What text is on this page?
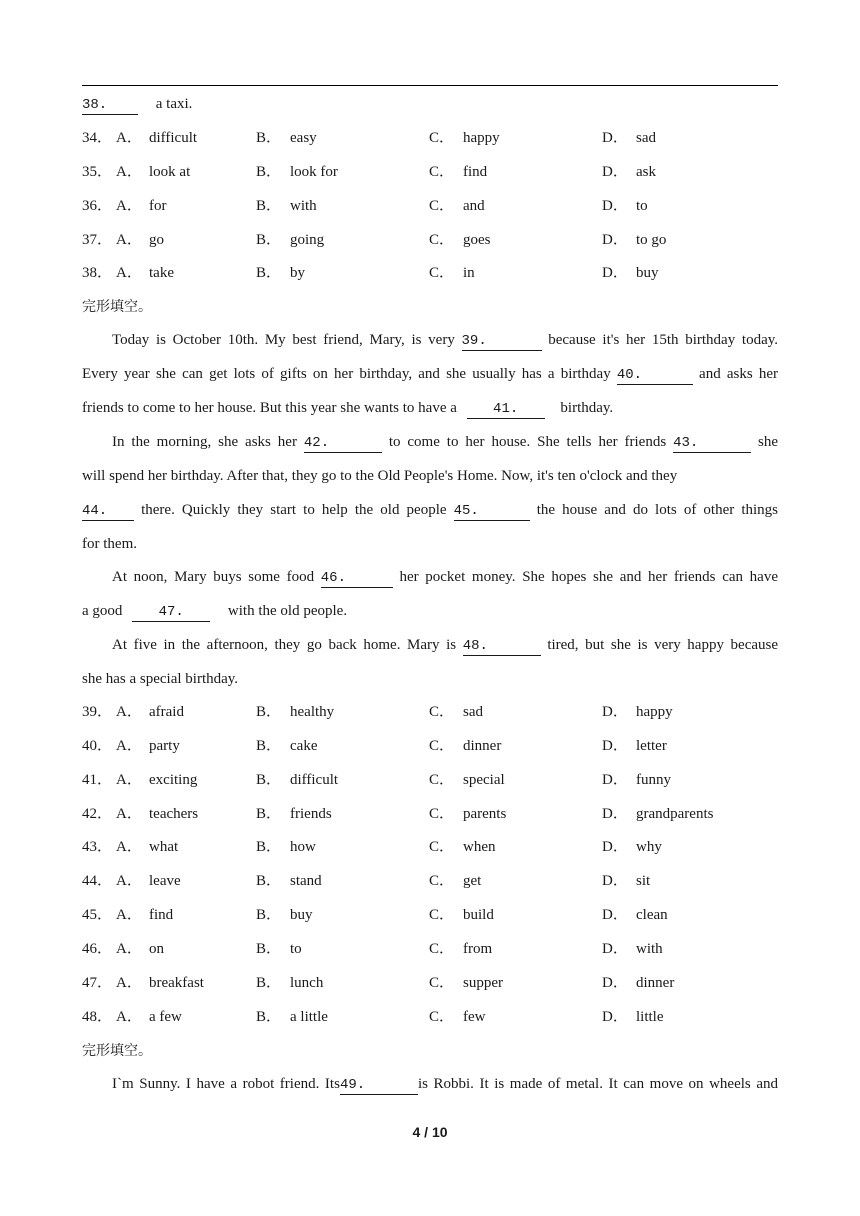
38.	a taxi.
34． A． difficult	B． easy	C． happy	D． sad
35． A． look at	B． look for	C． find	D． ask
36． A． for	B． with	C． and	D． to
37． A． go	B． going	C． goes	D． to go
38． A． take	B． by	C． in	D． buy
完形填空。
Today is October 10th. My best friend, Mary, is very 39.	because it's her 15th birthday today.
Every year she can get lots of gifts on her birthday, and she usually has a birthday 40.	and asks her
friends to come to her house. But this year she wants to have a	41.	birthday.
In the morning, she asks her 42.	to come to her house. She tells her friends 43.	she
will spend her birthday. After that, they go to the Old People's Home. Now, it's ten o'clock and they
44. there. Quickly they start to help the old people 45.	the house and do lots of other things
for them.
At noon, Mary buys some food 46.	her pocket money. She hopes she and her friends can have
a good	47.	with the old people.
At five in the afternoon, they go back home. Mary is 48.	tired, but she is very happy because
she has a special birthday.
39． A． afraid	B． healthy	C． sad	D． happy
40． A． party	B． cake	C． dinner	D． letter
41． A． exciting	B． difficult	C． special	D． funny
42． A． teachers	B． friends	C． parents	D． grandparents
43． A． what	B． how	C． when	D． why
44． A． leave	B． stand	C． get	D． sit
45． A． find	B． buy	C． build	D． clean
46． A． on	B． to	C． from	D． with
47． A． breakfast	B． lunch	C． supper	D． dinner
48． A． a few	B． a little	C． few	D． little
完形填空。
I`m Sunny. I have a robot friend. Its49.	is Robbi. It is made of metal. It can move on wheels and
4 / 10
